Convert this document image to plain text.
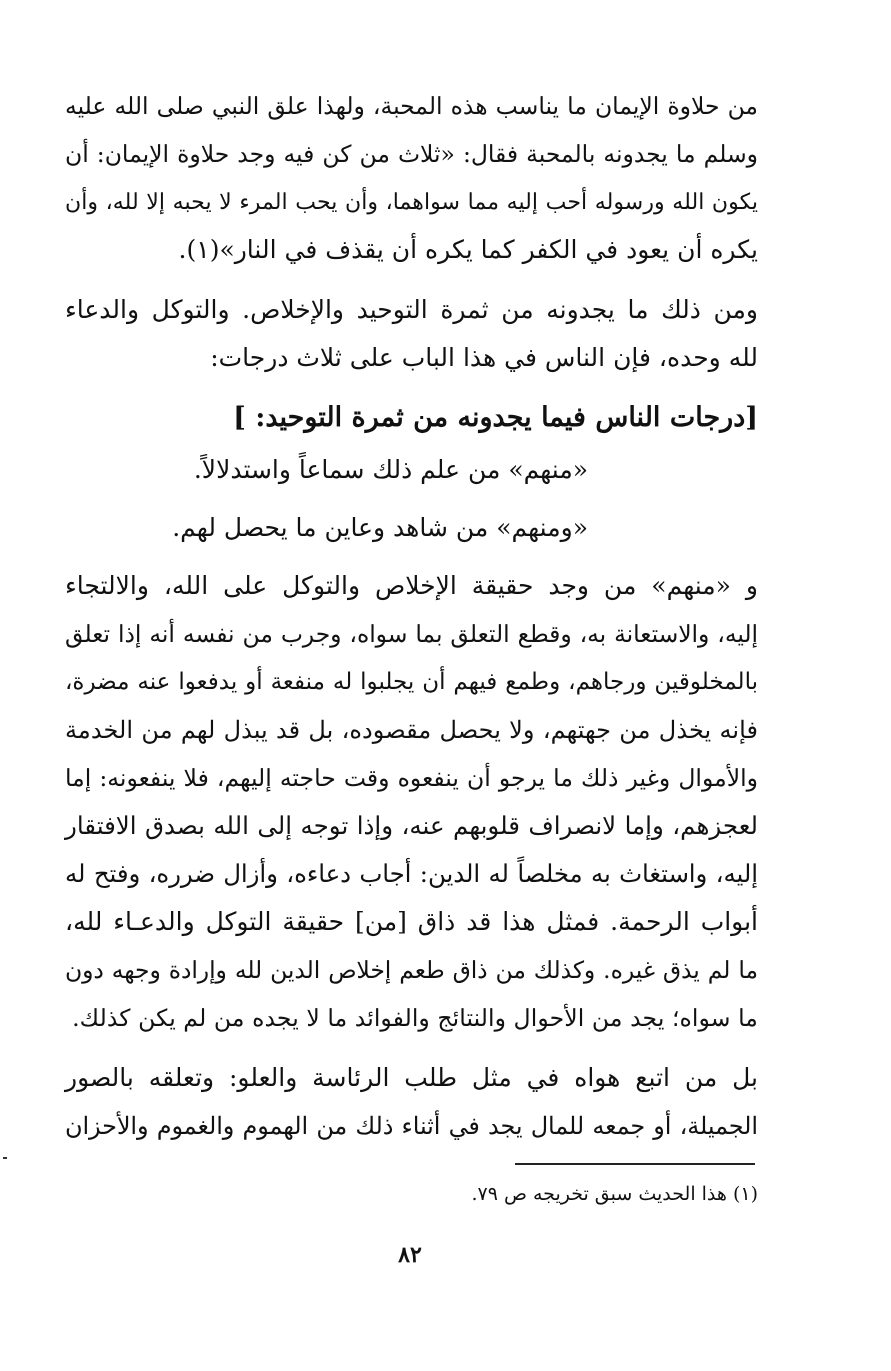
من حلاوة الإيمان ما يناسب هذه المحبة، ولهذا علق النبي صلى الله عليه
وسلم ما يجدونه بالمحبة فقال: «ثلاث من كن فيه وجد حلاوة الإيمان: أن
يكون الله ورسوله أحب إليه مما سواهما، وأن يحب المرء لا يحبه إلا لله، وأن
يكره أن يعود في الكفر كما يكره أن يقذف في النار»(١).
ومن ذلك ما يجدونه من ثمرة التوحيد والإخلاص. والتوكل والدعاء
لله وحده، فإن الناس في هذا الباب على ثلاث درجات:
[درجات الناس فيما يجدونه من ثمرة التوحيد: ]
«منهم» من علم ذلك سماعاً واستدلالاً.
«ومنهم» من شاهد وعاين ما يحصل لهم.
و «منهم» من وجد حقيقة الإخلاص والتوكل على الله، والالتجاء
إليه، والاستعانة به، وقطع التعلق بما سواه، وجرب من نفسه أنه إذا تعلق
بالمخلوقين ورجاهم، وطمع فيهم أن يجلبوا له منفعة أو يدفعوا عنه مضرة،
فإنه يخذل من جهتهم، ولا يحصل مقصوده، بل قد يبذل لهم من الخدمة
والأموال وغير ذلك ما يرجو أن ينفعوه وقت حاجته إليهم، فلا ينفعونه: إما
لعجزهم، وإما لانصراف قلوبهم عنه، وإذا توجه إلى الله بصدق الافتقار
إليه، واستغاث به مخلصاً له الدين: أجاب دعاءه، وأزال ضرره، وفتح له
أبواب الرحمة. فمثل هذا قد ذاق [من] حقيقة التوكل والدعـاء لله،
ما لم يذق غيره. وكذلك من ذاق طعم إخلاص الدين لله وإرادة وجهه دون
ما سواه؛ يجد من الأحوال والنتائج والفوائد ما لا يجده من لم يكن كذلك.
بل من اتبع هواه في مثل طلب الرئاسة والعلو: وتعلقه بالصور
الجميلة، أو جمعه للمال يجد في أثناء ذلك من الهموم والغموم والأحزان
(١) هذا الحديث سبق تخريجه ص ٧٩.
٨٢
